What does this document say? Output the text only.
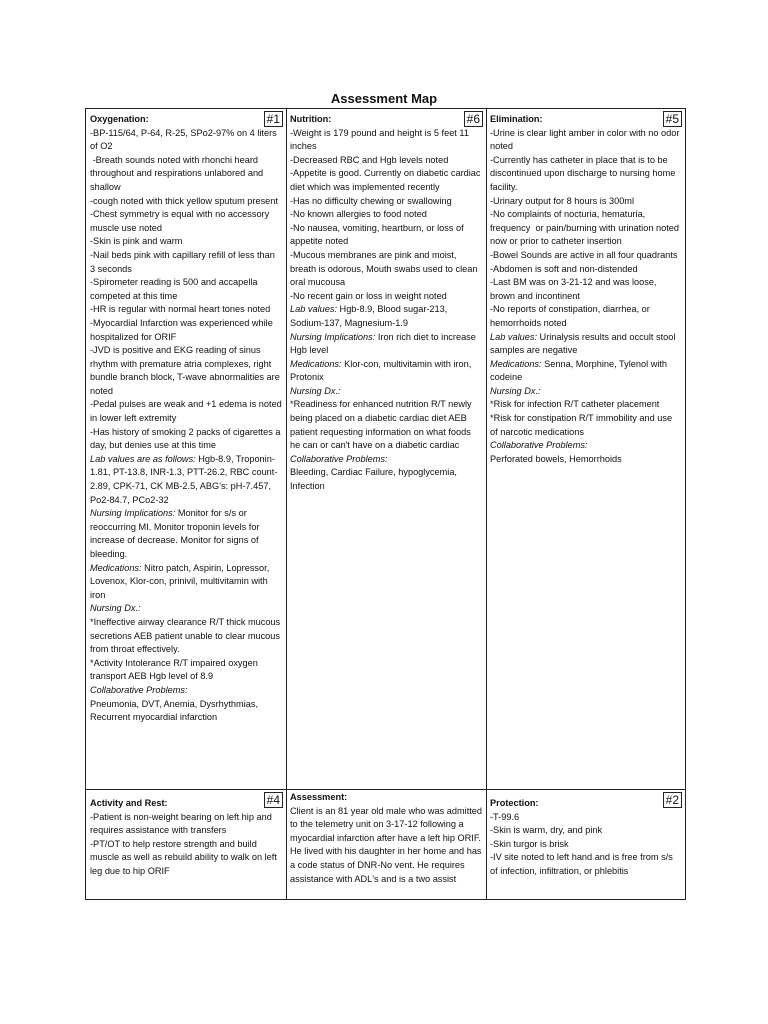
Assessment Map
#1
Oxygenation:
-BP-115/64, P-64, R-25, SPo2-97% on 4 liters of O2
-Breath sounds noted with rhonchi heard throughout and respirations unlabored and shallow
-cough noted with thick yellow sputum present
-Chest symmetry is equal with no accessory muscle use noted
-Skin is pink and warm
-Nail beds pink with capillary refill of less than 3 seconds
-Spirometer reading is 500 and accapella competed at this time
-HR is regular with normal heart tones noted
-Myocardial Infarction was experienced while hospitalized for ORIF
-JVD is positive and EKG reading of sinus rhythm with premature atria complexes, right bundle branch block, T-wave abnormalities are noted
-Pedal pulses are weak and +1 edema is noted in lower left extremity
-Has history of smoking 2 packs of cigarettes a day, but denies use at this time
Lab values are as follows: Hgb-8.9, Troponin-1.81, PT-13.8, INR-1.3, PTT-26.2, RBC count-2.89, CPK-71, CK MB-2.5, ABG's: pH-7.457, Po2-84.7, PCo2-32
Nursing Implications: Monitor for s/s or reoccurring MI. Monitor troponin levels for increase of decrease. Monitor for signs of bleeding.
Medications: Nitro patch, Aspirin, Lopressor, Lovenox, Klor-con, prinivil, multivitamin with iron
Nursing Dx.:
*Ineffective airway clearance R/T thick mucous secretions AEB patient unable to clear mucous from throat effectively.
*Activity Intolerance R/T impaired oxygen transport AEB Hgb level of 8.9
Collaborative Problems:
Pneumonia, DVT, Anemia, Dysrhythmias, Recurrent myocardial infarction
#6
Nutrition:
-Weight is 179 pound and height is 5 feet 11 inches
-Decreased RBC and Hgb levels noted
-Appetite is good. Currently on diabetic cardiac diet which was implemented recently
-Has no difficulty chewing or swallowing
-No known allergies to food noted
-No nausea, vomiting, heartburn, or loss of appetite noted
-Mucous membranes are pink and moist, breath is odorous, Mouth swabs used to clean oral mucousa
-No recent gain or loss in weight noted
Lab values: Hgb-8.9, Blood sugar-213, Sodium-137, Magnesium-1.9
Nursing Implications: Iron rich diet to increase Hgb level
Medications: Klor-con, multivitamin with iron, Protonix
Nursing Dx.:
*Readiness for enhanced nutrition R/T newly being placed on a diabetic cardiac diet AEB patient requesting information on what foods he can or can't have on a diabetic cardiac
Collaborative Problems:
Bleeding, Cardiac Failure, hypoglycemia, Infection
#5
Elimination:
-Urine is clear light amber in color with no odor noted
-Currently has catheter in place that is to be discontinued upon discharge to nursing home facility.
-Urinary output for 8 hours is 300ml
-No complaints of nocturia, hematuria, frequency  or pain/burning with urination noted now or prior to catheter insertion
-Bowel Sounds are active in all four quadrants
-Abdomen is soft and non-distended
-Last BM was on 3-21-12 and was loose, brown and incontinent
-No reports of constipation, diarrhea, or hemorrhoids noted
Lab values: Urinalysis results and occult stool samples are negative
Medications: Senna, Morphine, Tylenol with codeine
Nursing Dx.:
*Risk for infection R/T catheter placement
*Risk for constipation R/T immobility and use of narcotic medications
Collaborative Problems:
Perforated bowels, Hemorrhoids
#4
Activity and Rest:
-Patient is non-weight bearing on left hip and requires assistance with transfers
-PT/OT to help restore strength and build muscle as well as rebuild ability to walk on left leg due to hip ORIF
Assessment:
Client is an 81 year old male who was admitted to the telemetry unit on 3-17-12 following a myocardial infarction after have a left hip ORIF. He lived with his daughter in her home and has a code status of DNR-No vent. He requires assistance with ADL's and is a two assist
#2
Protection:
-T-99.6
-Skin is warm, dry, and pink
-Skin turgor is brisk
-IV site noted to left hand and is free from s/s of infection, infiltration, or phlebitis
